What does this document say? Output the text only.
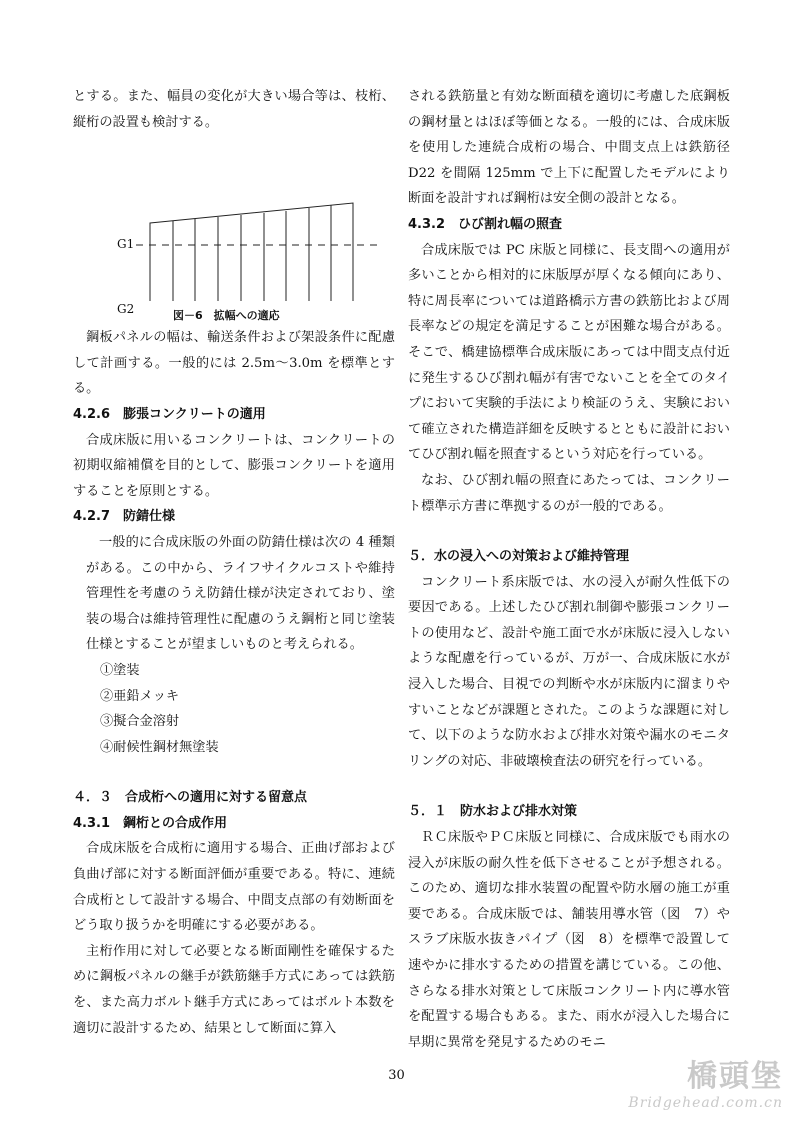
とする。また、幅員の変化が大きい場合等は、枝桁、縦桁の設置も検討する。

G1
G2	図－6　拡幅への適応

鋼板パネルの幅は、輸送条件および架設条件に配慮して計画する。一般的には 2.5m～3.0m を標準とする。

4.2.6　膨張コンクリートの適用

合成床版に用いるコンクリートは、コンクリートの初期収縮補償を目的として、膨張コンクリートを適用することを原則とする。

4.2.7　防錆仕様

一般的に合成床版の外面の防錆仕様は次の 4 種類がある。この中から、ライフサイクルコストや維持管理性を考慮のうえ防錆仕様が決定されており、塗装の場合は維持管理性に配慮のうえ鋼桁と同じ塗装仕様とすることが望ましいものと考えられる。

①塗装

②亜鉛メッキ

③擬合金溶射

④耐候性鋼材無塗装

４．３　合成桁への適用に対する留意点

4.3.1　鋼桁との合成作用

合成床版を合成桁に適用する場合、正曲げ部および負曲げ部に対する断面評価が重要である。特に、連続合成桁として設計する場合、中間支点部の有効断面をどう取り扱うかを明確にする必要がある。

主桁作用に対して必要となる断面剛性を確保するために鋼板パネルの継手が鉄筋継手方式にあっては鉄筋を、また高力ボルト継手方式にあってはボルト本数を適切に設計するため、結果として断面に算入

される鉄筋量と有効な断面積を適切に考慮した底鋼板の鋼材量とはほぼ等価となる。一般的には、合成床版を使用した連続合成桁の場合、中間支点上は鉄筋径 D22 を間隔 125mm で上下に配置したモデルにより断面を設計すれば鋼桁は安全側の設計となる。

4.3.2　ひび割れ幅の照査

合成床版では PC 床版と同様に、長支間への適用が多いことから相対的に床版厚が厚くなる傾向にあり、特に周長率については道路橋示方書の鉄筋比および周長率などの規定を満足することが困難な場合がある。そこで、橋建協標準合成床版にあっては中間支点付近に発生するひび割れ幅が有害でないことを全てのタイプにおいて実験的手法により検証のうえ、実験において確立された構造詳細を反映するとともに設計においてひび割れ幅を照査するという対応を行っている。

なお、ひび割れ幅の照査にあたっては、コンクリート標準示方書に準拠するのが一般的である。

５．水の浸入への対策および維持管理

コンクリート系床版では、水の浸入が耐久性低下の要因である。上述したひび割れ制御や膨張コンクリートの使用など、設計や施工面で水が床版に浸入しないような配慮を行っているが、万が一、合成床版に水が浸入した場合、目視での判断や水が床版内に溜まりやすいことなどが課題とされた。このような課題に対して、以下のような防水および排水対策や漏水のモニタリングの対応、非破壊検査法の研究を行っている。

５．１　防水および排水対策

ＲＣ床版やＰＣ床版と同様に、合成床版でも雨水の浸入が床版の耐久性を低下させることが予想される。このため、適切な排水装置の配置や防水層の施工が重要である。合成床版では、舗装用導水管（図　7）やスラブ床版水抜きパイプ（図　8）を標準で設置して速やかに排水するための措置を講じている。この他、さらなる排水対策として床版コンクリート内に導水管を配置する場合もある。また、雨水が浸入した場合に早期に異常を発見するためのモニ

30	橋頭堡
Bridgehead.com.cn
